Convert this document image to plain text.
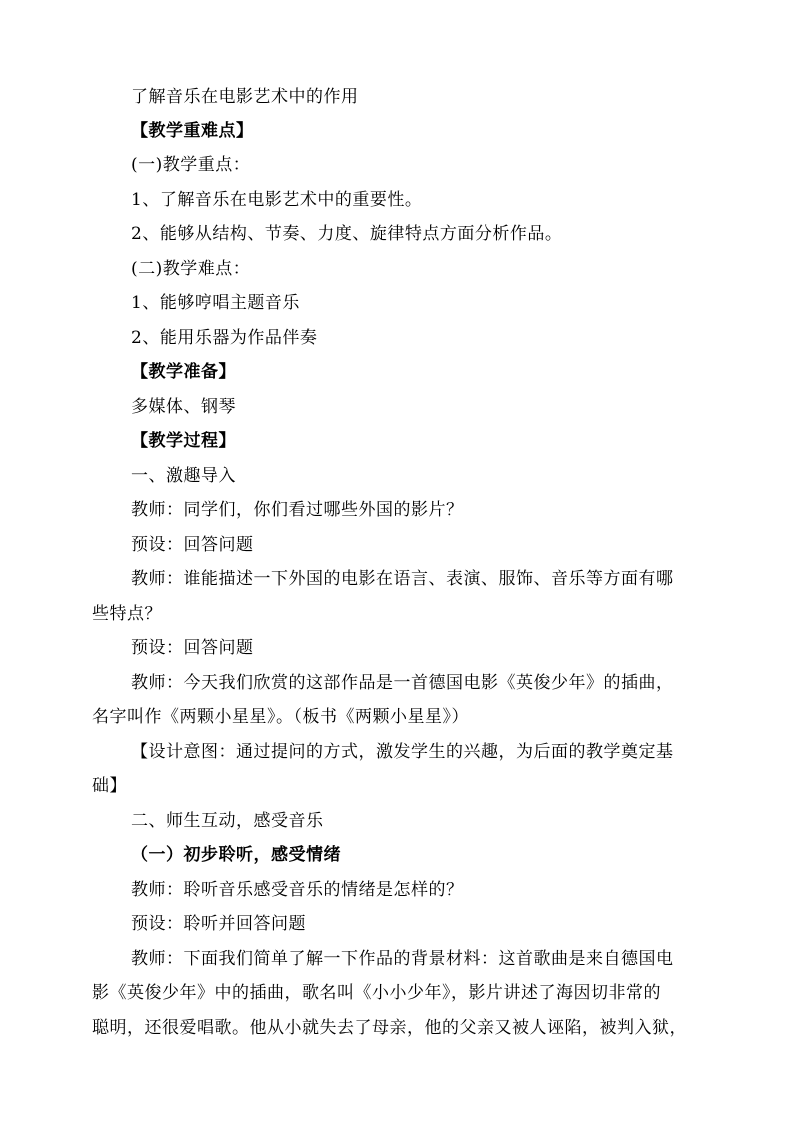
了解音乐在电影艺术中的作用
【教学重难点】
(一)教学重点：
1、了解音乐在电影艺术中的重要性。
2、能够从结构、节奏、力度、旋律特点方面分析作品。
(二)教学难点：
1、能够哼唱主题音乐
2、能用乐器为作品伴奏
【教学准备】
多媒体、钢琴
【教学过程】
一、激趣导入
教师：同学们，你们看过哪些外国的影片？
预设：回答问题
教师：谁能描述一下外国的电影在语言、表演、服饰、音乐等方面有哪
些特点？
预设：回答问题
教师：今天我们欣赏的这部作品是一首德国电影《英俊少年》的插曲，
名字叫作《两颗小星星》。（板书《两颗小星星》）
【设计意图：通过提问的方式，激发学生的兴趣，为后面的教学奠定基
础】
二、师生互动，感受音乐
（一）初步聆听，感受情绪
教师：聆听音乐感受音乐的情绪是怎样的？
预设：聆听并回答问题
教师：下面我们简单了解一下作品的背景材料：这首歌曲是来自德国电
影《英俊少年》中的插曲，歌名叫《小小少年》，影片讲述了海因切非常的
聪明，还很爱唱歌。他从小就失去了母亲，他的父亲又被人诬陷，被判入狱，
